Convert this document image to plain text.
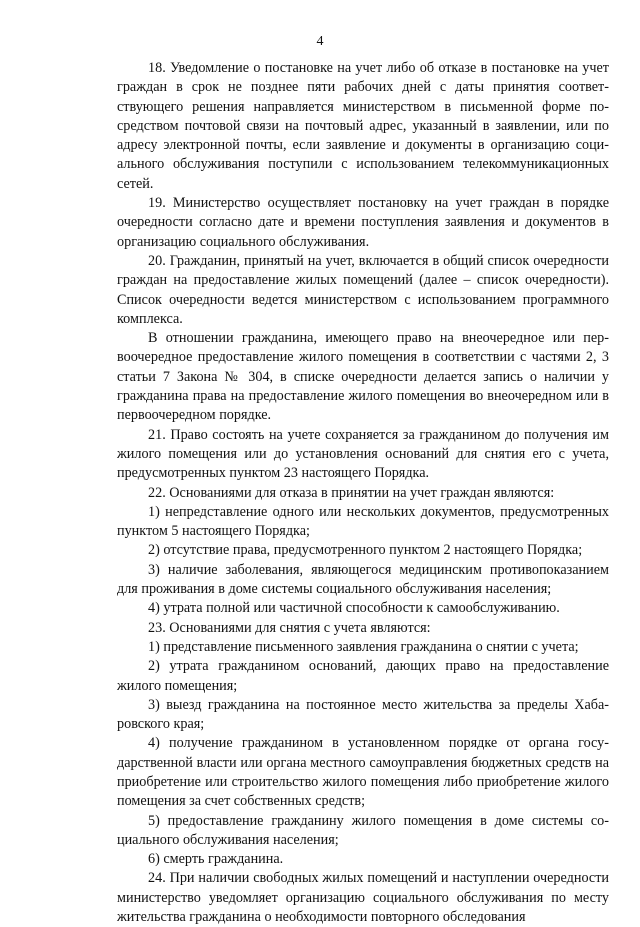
4

18. Уведомление о постановке на учет либо об отказе в постановке на учет граждан в срок не позднее пяти рабочих дней с даты принятия соответствующего решения направляется министерством в письменной форме посредством почтовой связи на почтовый адрес, указанный в заявлении, или по адресу электронной почты, если заявление и документы в организацию социального обслуживания поступили с использованием телекоммуникационных сетей.

19. Министерство осуществляет постановку на учет граждан в порядке очередности согласно дате и времени поступления заявления и документов в организацию социального обслуживания.

20. Гражданин, принятый на учет, включается в общий список очередности граждан на предоставление жилых помещений (далее – список очередности). Список очередности ведется министерством с использованием программного комплекса.

В отношении гражданина, имеющего право на внеочередное или первоочередное предоставление жилого помещения в соответствии с частями 2, 3 статьи 7 Закона № 304, в списке очередности делается запись о наличии у гражданина права на предоставление жилого помещения во внеочередном или в первоочередном порядке.

21. Право состоять на учете сохраняется за гражданином до получения им жилого помещения или до установления оснований для снятия его с учета, предусмотренных пунктом 23 настоящего Порядка.

22. Основаниями для отказа в принятии на учет граждан являются:

1) непредставление одного или нескольких документов, предусмотренных пунктом 5 настоящего Порядка;

2) отсутствие права, предусмотренного пунктом 2 настоящего Порядка;

3) наличие заболевания, являющегося медицинским противопоказанием для проживания в доме системы социального обслуживания населения;

4) утрата полной или частичной способности к самообслуживанию.

23. Основаниями для снятия с учета являются:

1) представление письменного заявления гражданина о снятии с учета;

2) утрата гражданином оснований, дающих право на предоставление жилого помещения;

3) выезд гражданина на постоянное место жительства за пределы Хабаровского края;

4) получение гражданином в установленном порядке от органа государственной власти или органа местного самоуправления бюджетных средств на приобретение или строительство жилого помещения либо приобретение жилого помещения за счет собственных средств;

5) предоставление гражданину жилого помещения в доме системы социального обслуживания населения;

6) смерть гражданина.

24. При наличии свободных жилых помещений и наступлении очередности министерство уведомляет организацию социального обслуживания по месту жительства гражданина о необходимости повторного обследования
